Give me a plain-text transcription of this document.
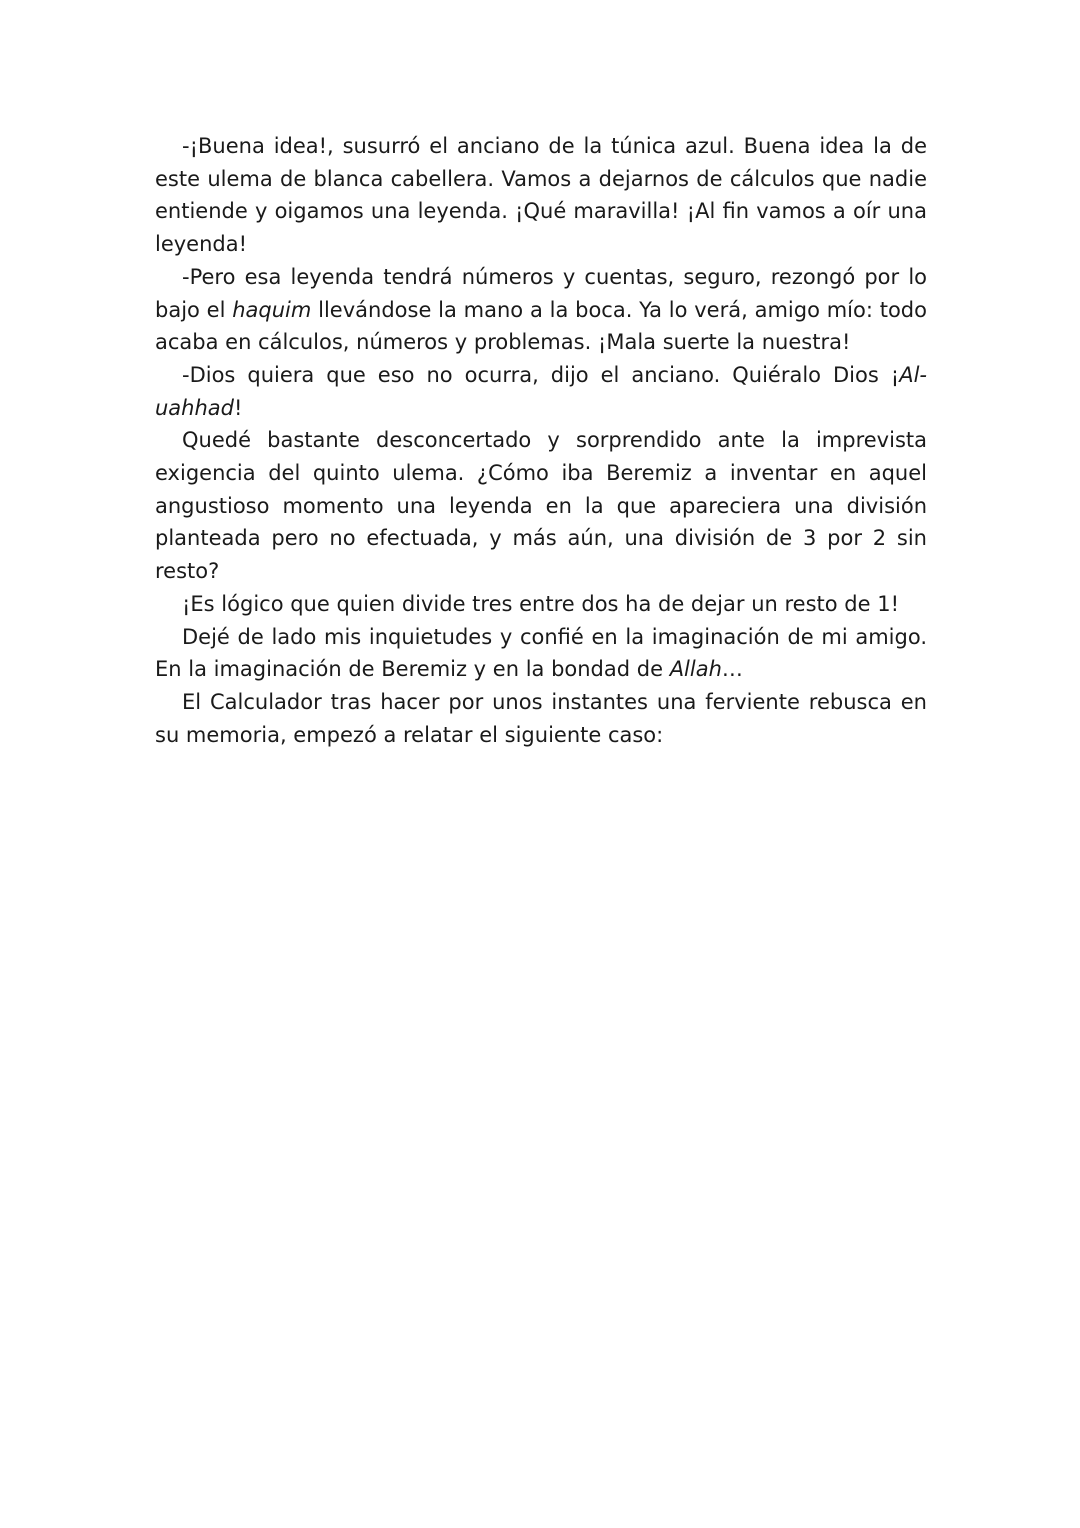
-¡Buena idea!, susurró el anciano de la túnica azul. Buena idea la de este ulema de blanca cabellera. Vamos a dejarnos de cálculos que nadie entiende y oigamos una leyenda. ¡Qué maravilla! ¡Al fin vamos a oír una leyenda!

-Pero esa leyenda tendrá números y cuentas, seguro, rezongó por lo bajo el haquim llevándose la mano a la boca. Ya lo verá, amigo mío: todo acaba en cálculos, números y problemas. ¡Mala suerte la nuestra!

-Dios quiera que eso no ocurra, dijo el anciano. Quiéralo Dios ¡Al-uahhad!

Quedé bastante desconcertado y sorprendido ante la imprevista exigencia del quinto ulema. ¿Cómo iba Beremiz a inventar en aquel angustioso momento una leyenda en la que apareciera una división planteada pero no efectuada, y más aún, una división de 3 por 2 sin resto?

¡Es lógico que quien divide tres entre dos ha de dejar un resto de 1!

Dejé de lado mis inquietudes y confié en la imaginación de mi amigo. En la imaginación de Beremiz y en la bondad de Allah…

El Calculador tras hacer por unos instantes una ferviente rebusca en su memoria, empezó a relatar el siguiente caso:
